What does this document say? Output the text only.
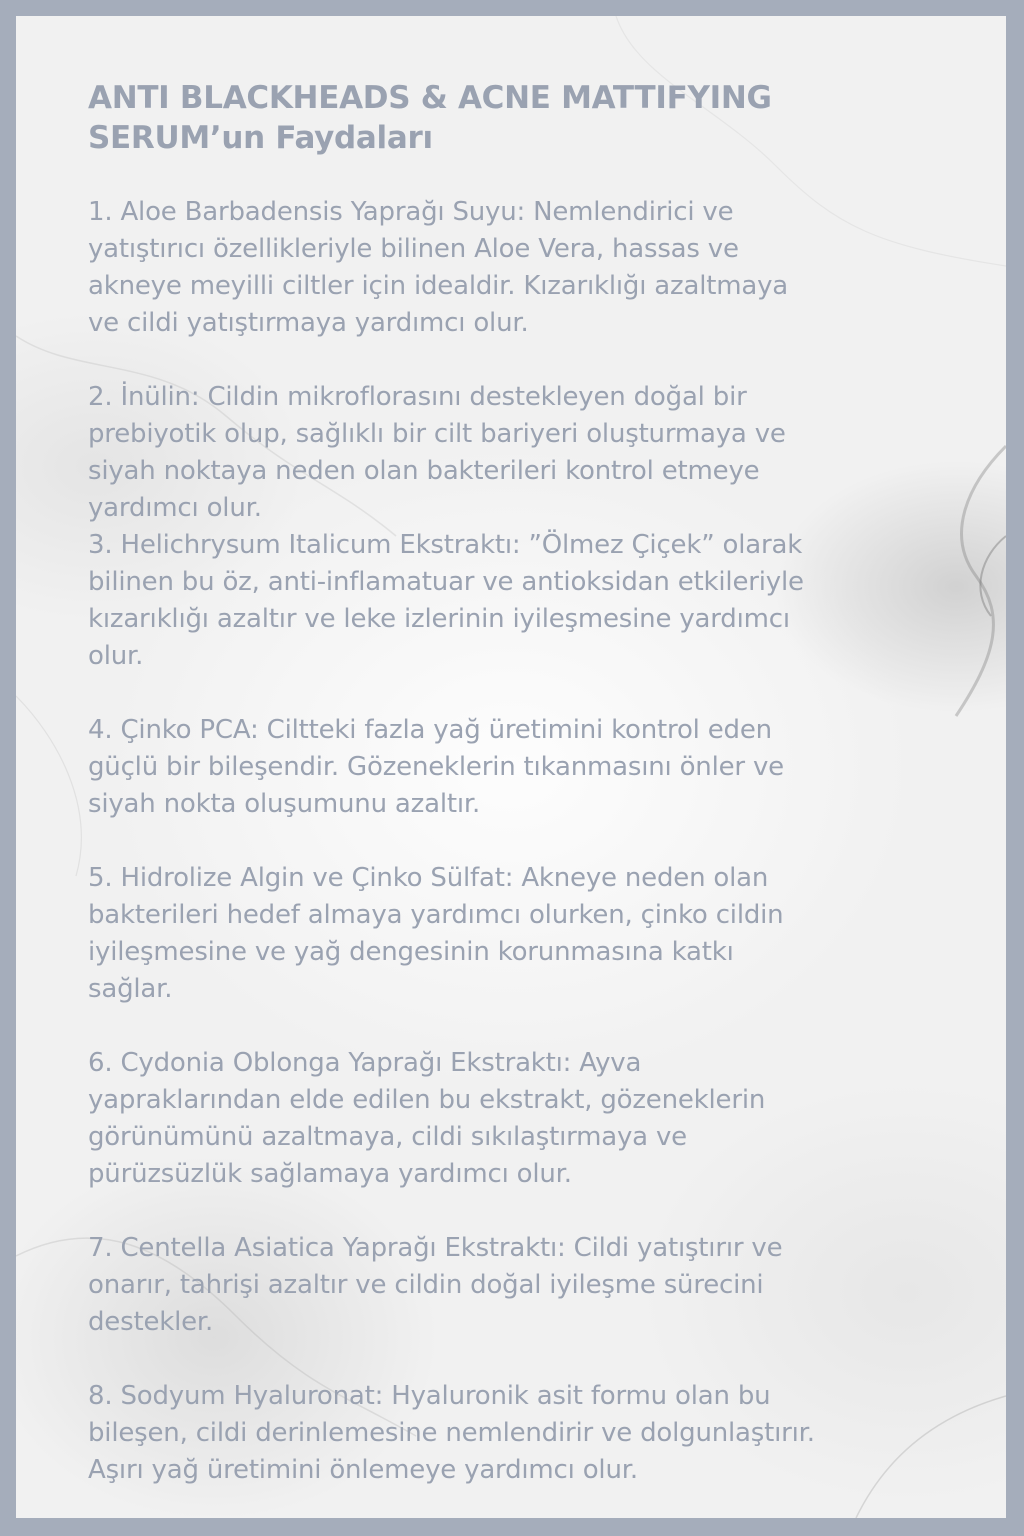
ANTI BLACKHEADS & ACNE MATTIFYING
SERUM’un Faydaları

1. Aloe Barbadensis Yaprağı Suyu: Nemlendirici ve
yatıştırıcı özellikleriyle bilinen Aloe Vera, hassas ve
akneye meyilli ciltler için idealdir. Kızarıklığı azaltmaya
ve cildi yatıştırmaya yardımcı olur.

2. İnülin: Cildin mikroflorasını destekleyen doğal bir
prebiyotik olup, sağlıklı bir cilt bariyeri oluşturmaya ve
siyah noktaya neden olan bakterileri kontrol etmeye
yardımcı olur.

3. Helichrysum Italicum Ekstraktı: ”Ölmez Çiçek” olarak
bilinen bu öz, anti-inflamatuar ve antioksidan etkileriyle
kızarıklığı azaltır ve leke izlerinin iyileşmesine yardımcı
olur.

4. Çinko PCA: Ciltteki fazla yağ üretimini kontrol eden
güçlü bir bileşendir. Gözeneklerin tıkanmasını önler ve
siyah nokta oluşumunu azaltır.

5. Hidrolize Algin ve Çinko Sülfat: Akneye neden olan
bakterileri hedef almaya yardımcı olurken, çinko cildin
iyileşmesine ve yağ dengesinin korunmasına katkı
sağlar.

6. Cydonia Oblonga Yaprağı Ekstraktı: Ayva
yapraklarından elde edilen bu ekstrakt, gözeneklerin
görünümünü azaltmaya, cildi sıkılaştırmaya ve
pürüzsüzlük sağlamaya yardımcı olur.

7. Centella Asiatica Yaprağı Ekstraktı: Cildi yatıştırır ve
onarır, tahrişi azaltır ve cildin doğal iyileşme sürecini
destekler.

8. Sodyum Hyaluronat: Hyaluronik asit formu olan bu
bileşen, cildi derinlemesine nemlendirir ve dolgunlaştırır.
Aşırı yağ üretimini önlemeye yardımcı olur.
